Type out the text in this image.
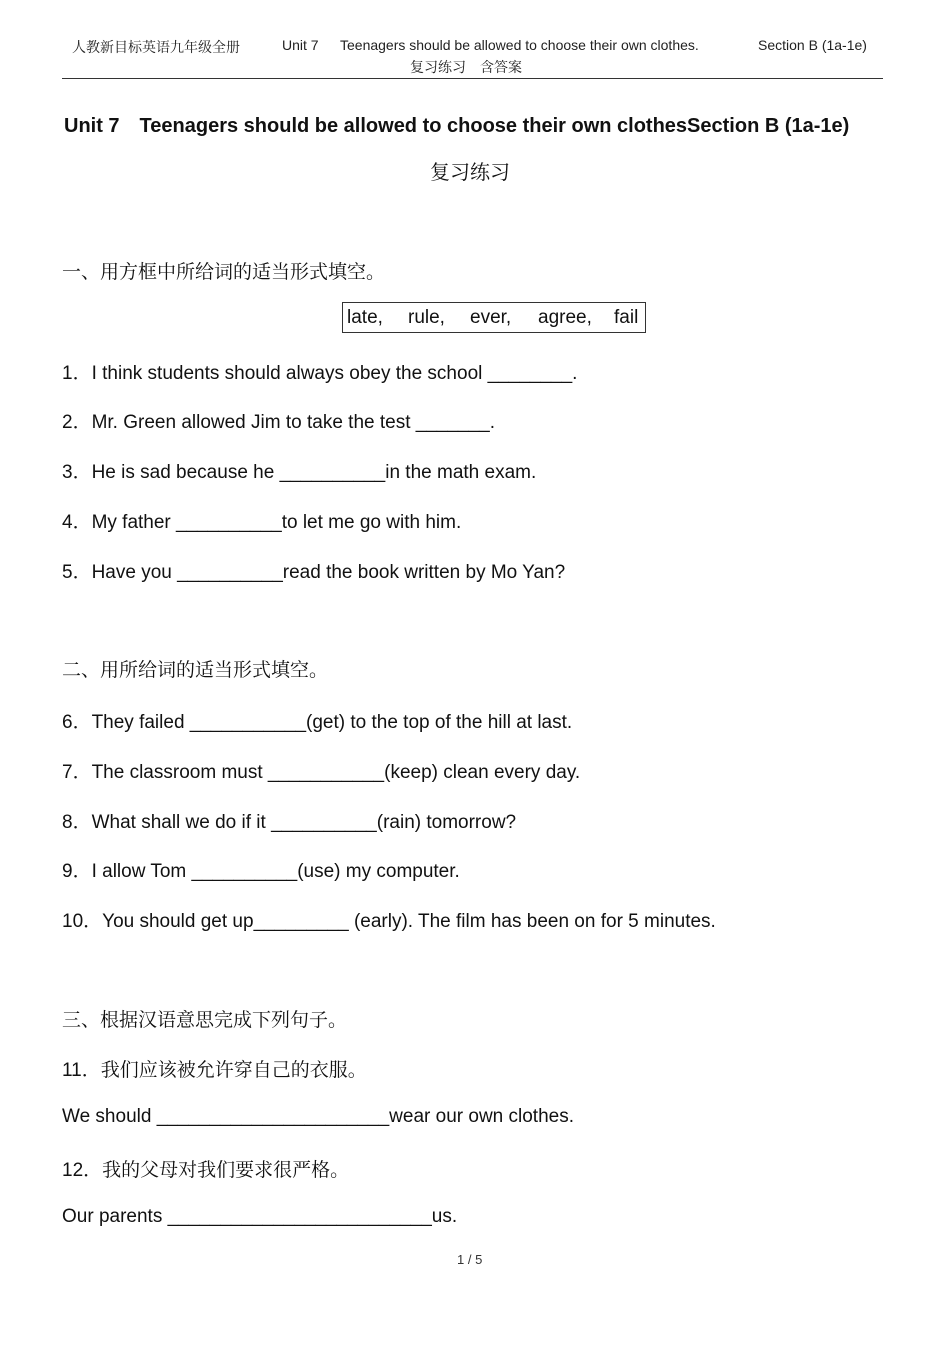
人教新目标英语九年级全册	Unit 7 Teenagers should be allowed to choose their own clothes.	Section B (1a-1e)
复习练习　含答案
Unit 7　Teenagers should be allowed to choose their own clothesSection B (1a-1e)
复习练习
一、用方框中所给词的适当形式填空。
late, rule, ever, agree, fail
1．I think students should always obey the school ________.
2．Mr. Green allowed Jim to take the test _______.
3．He is sad because he __________in the math exam.
4．My father __________to let me go with him.
5．Have you __________read the book written by Mo Yan?
二、用所给词的适当形式填空。
6．They failed ___________(get) to the top of the hill at last.
7．The classroom must ___________(keep) clean every day.
8．What shall we do if it __________(rain) tomorrow?
9．I allow Tom __________(use) my computer.
10．You should get up_________ (early). The film has been on for 5 minutes.
三、根据汉语意思完成下列句子。
11．我们应该被允许穿自己的衣服。
We should ______________________wear our own clothes.
12．我的父母对我们要求很严格。
Our parents _________________________us.
1 / 5
